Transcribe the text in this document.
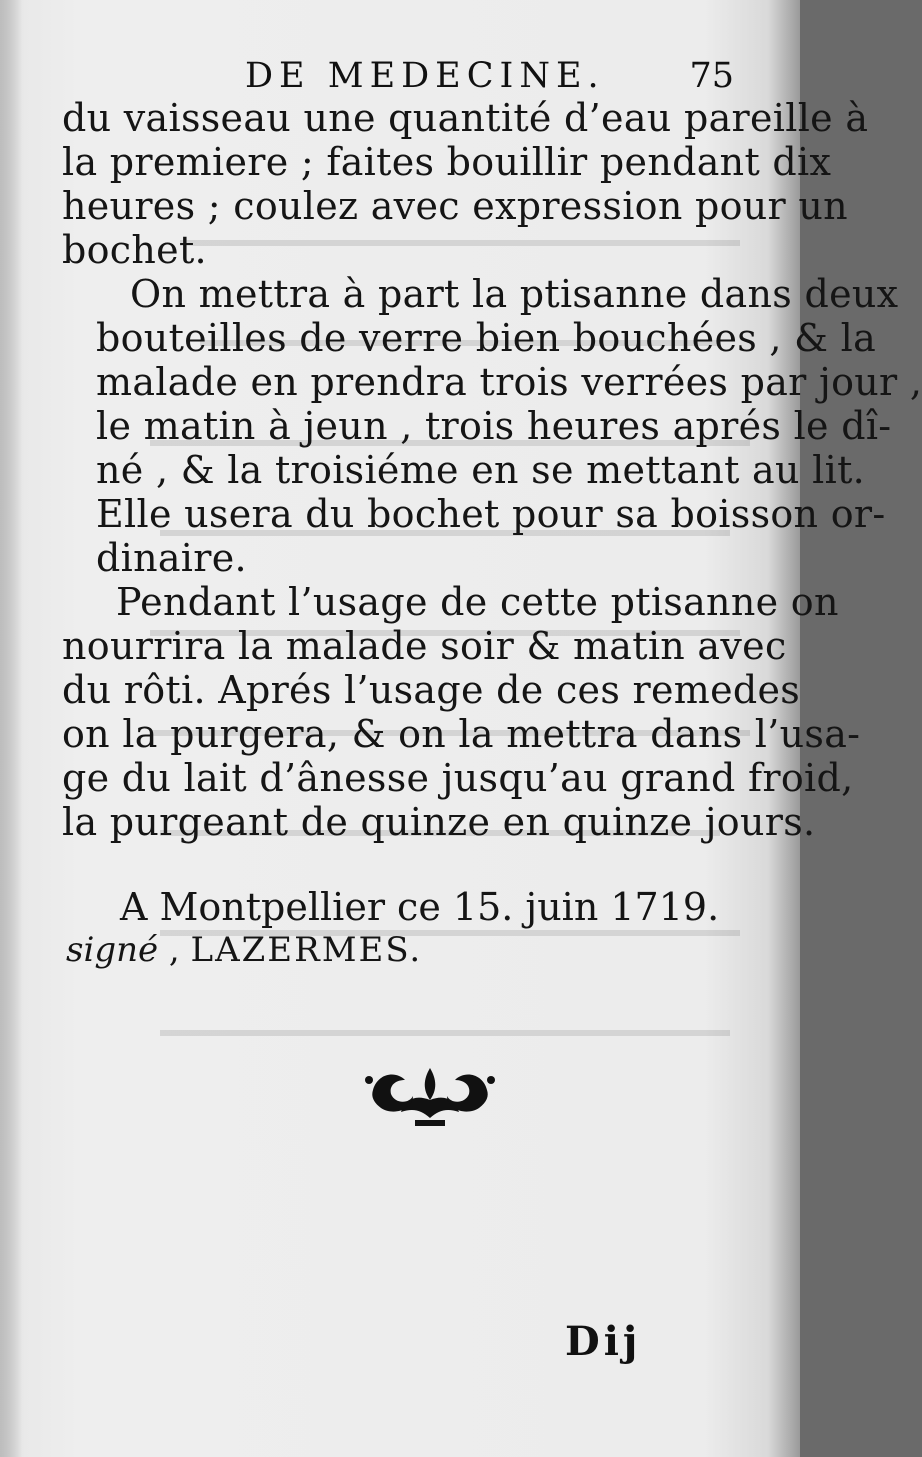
DE MEDECINE. 75

du vaisseau une quantité d’eau pareille à
la premiere ; faites bouillir pendant dix
heures ; coulez avec expression pour un
bochet.

On mettra à part la ptisanne dans deux
bouteilles de verre bien bouchées , & la
malade en prendra trois verrées par jour ,
le matin à jeun , trois heures aprés le dî-
né , & la troisiéme en se mettant au lit.
Elle usera du bochet pour sa boisson or-
dinaire.

Pendant l’usage de cette ptisanne on
nourrira la malade soir & matin avec
du rôti. Aprés l’usage de ces remedes
on la purgera, & on la mettra dans l’usa-
ge du lait d’ânesse jusqu’au grand froid,
la purgeant de quinze en quinze jours.

A Montpellier ce 15. juin 1719.
signé , LAZERMES.
Dij
